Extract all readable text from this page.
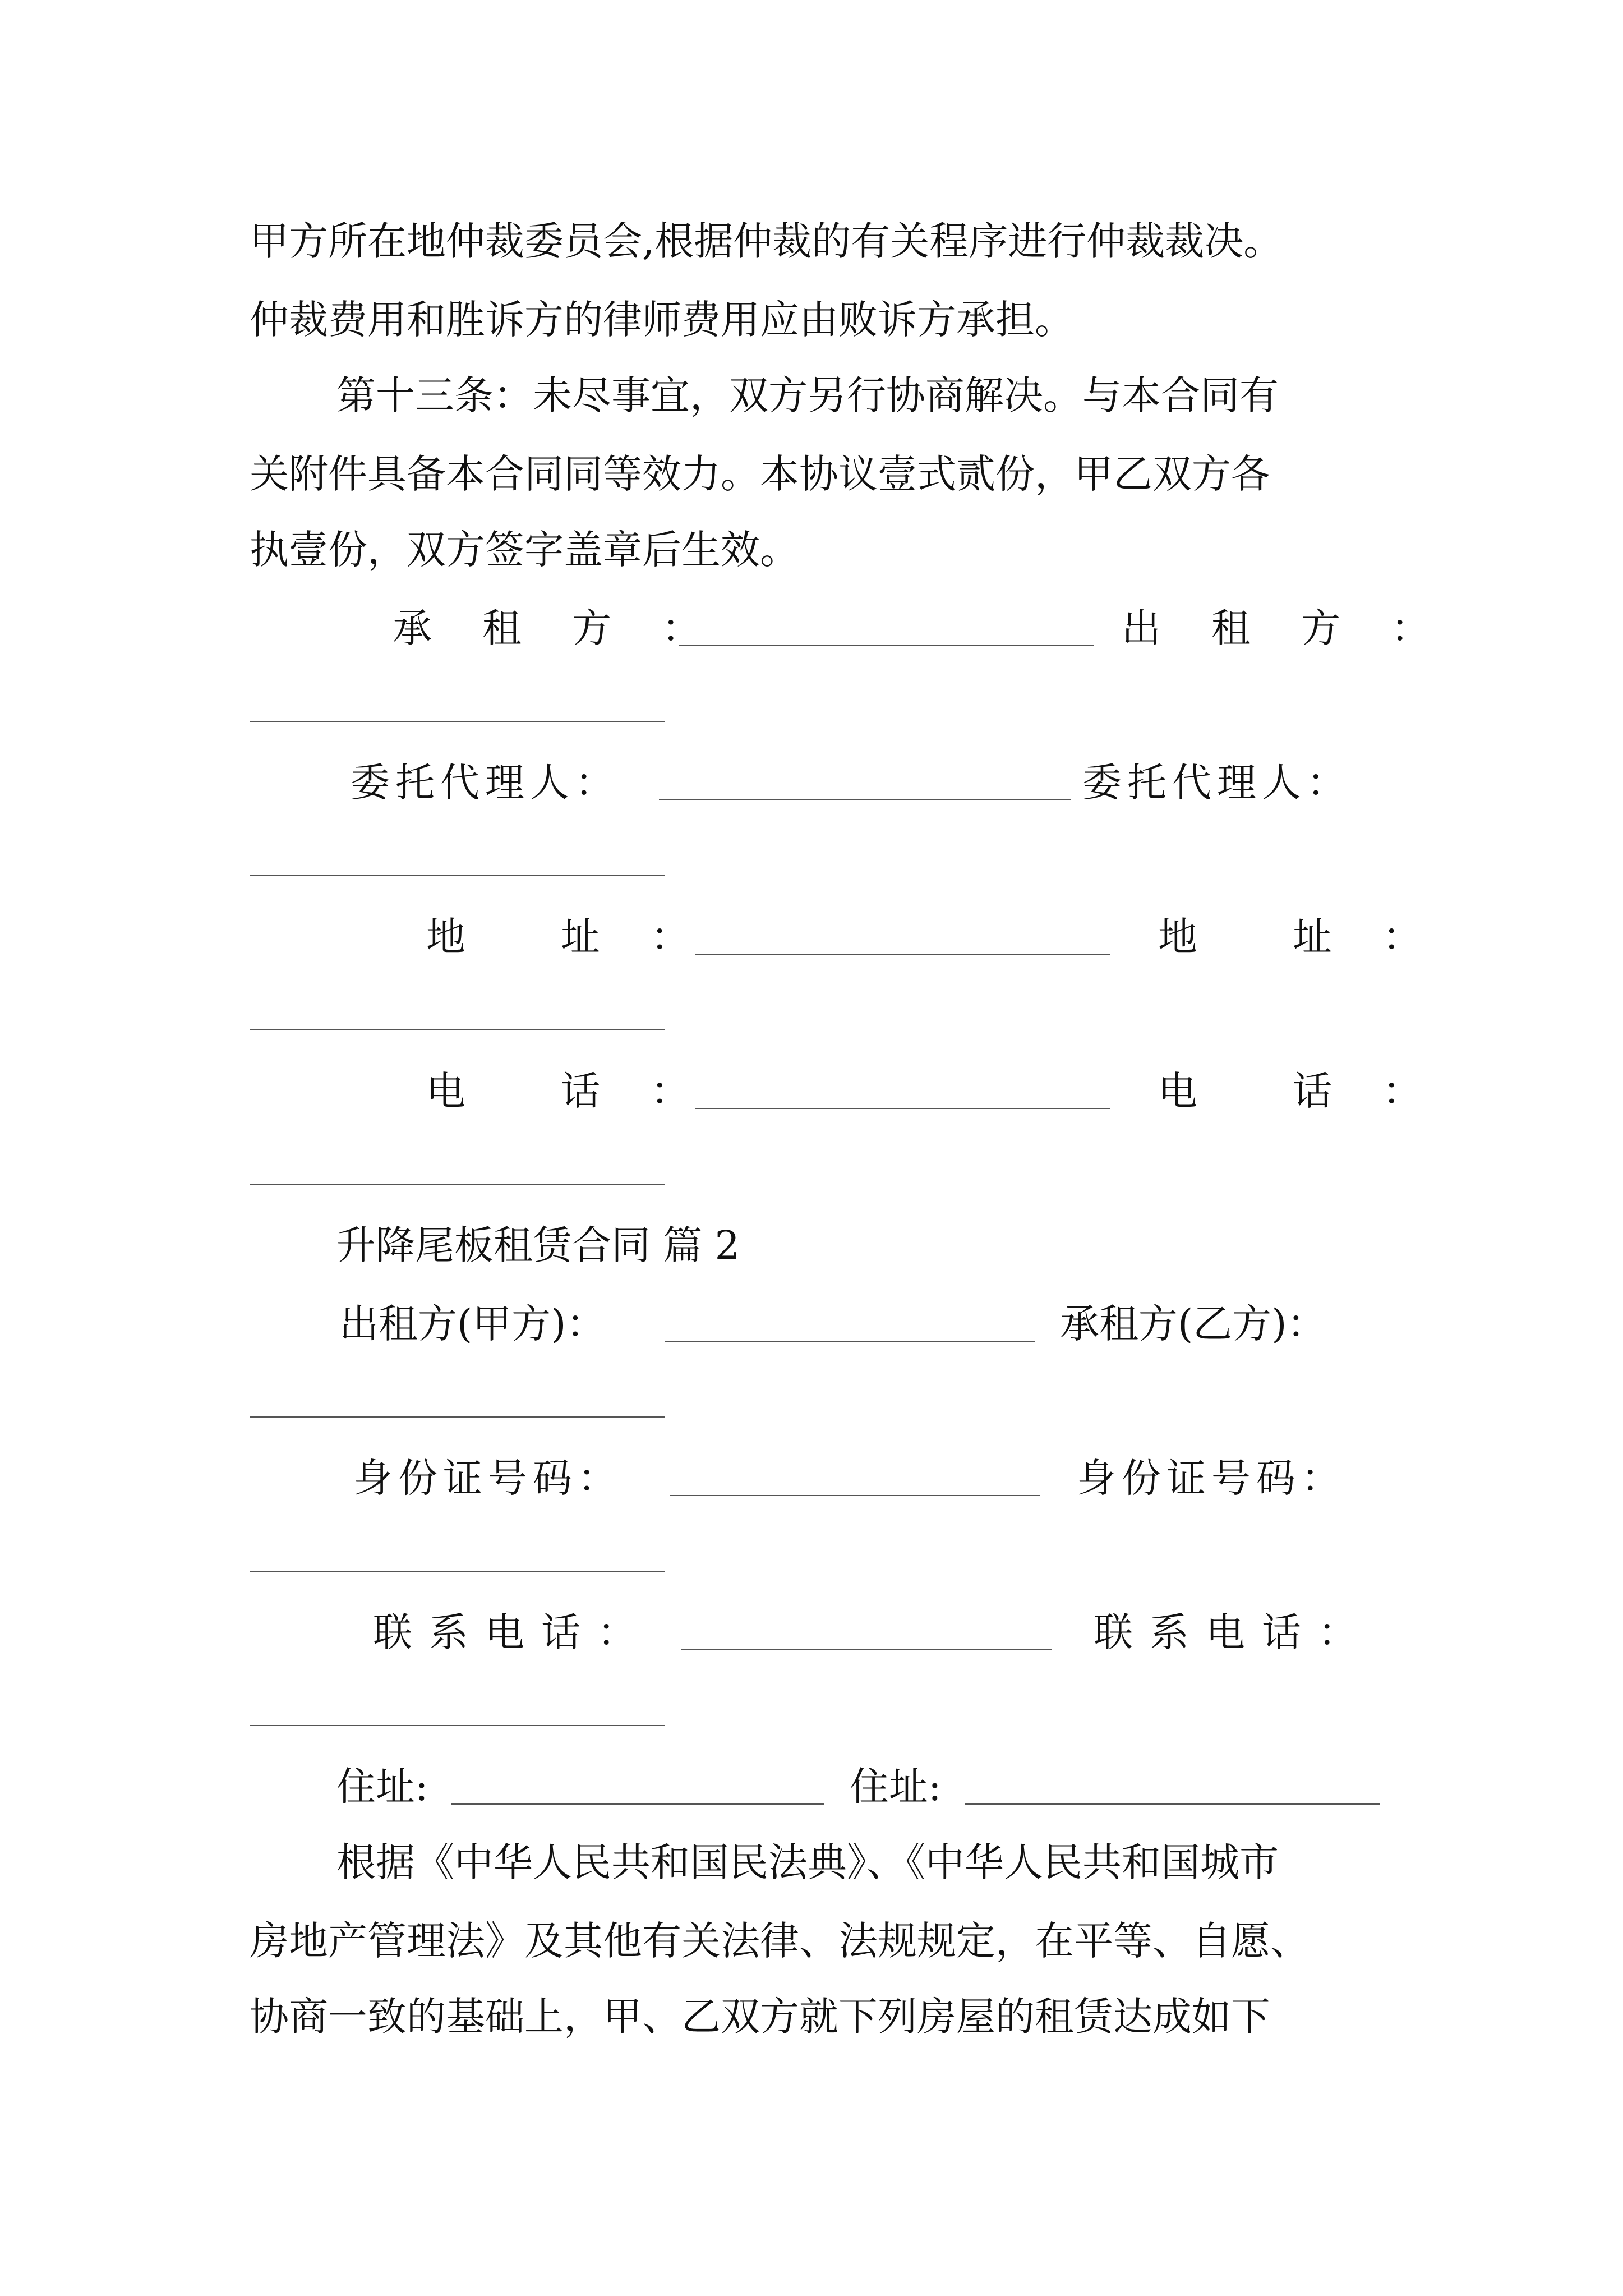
甲方所在地仲裁委员会,根据仲裁的有关程序进行仲裁裁决。
仲裁费用和胜诉方的律师费用应由败诉方承担。
第十三条：未尽事宜，双方另行协商解决。与本合同有
关附件具备本合同同等效力。本协议壹式贰份，甲乙双方各
执壹份，双方签字盖章后生效。
承　租　方　：	出　租　方　：
委托代理人：	委托代理人：
地　　址　：	地　　址　：
电　　话　：	电　　话　：
升降尾板租赁合同 篇 2
出租方(甲方)：	承租方(乙方)：
身份证号码：	身份证号码：
联系电话：	联系电话：
住址:	住址:
根据《中华人民共和国民法典》、《中华人民共和国城市
房地产管理法》及其他有关法律、法规规定，在平等、自愿、
协商一致的基础上，甲、乙双方就下列房屋的租赁达成如下
